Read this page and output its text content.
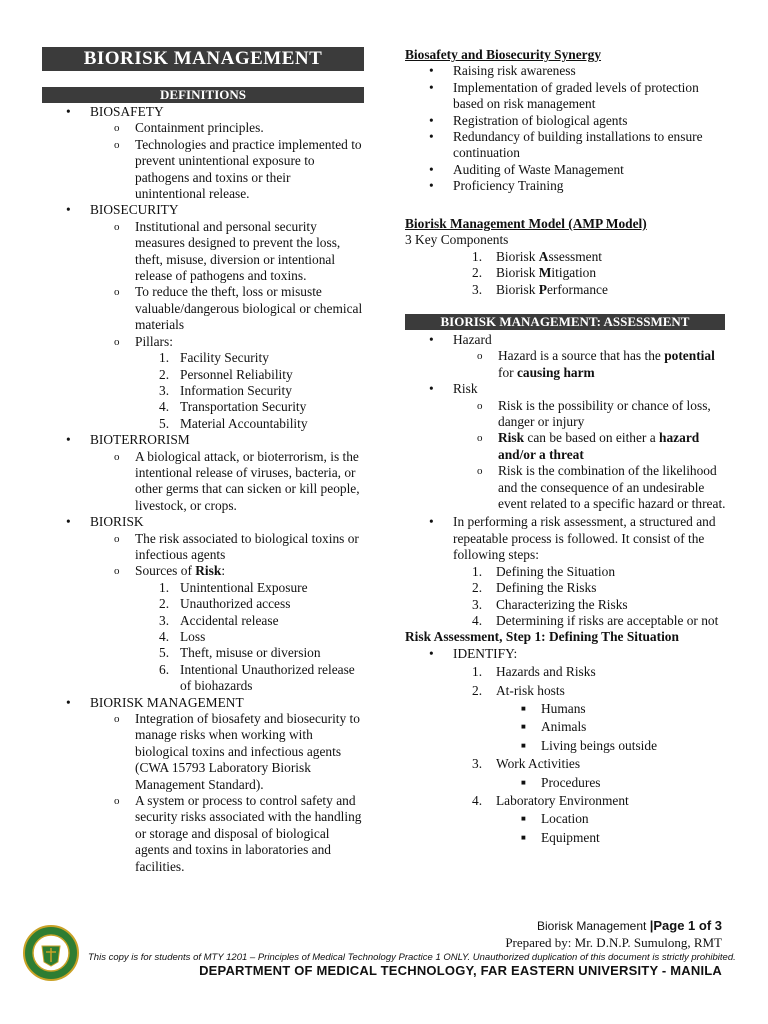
BIORISK MANAGEMENT
DEFINITIONS
• BIOSAFETY
o Containment principles.
o Technologies and practice implemented to prevent unintentional exposure to pathogens and toxins or their unintentional release.
• BIOSECURITY
o Institutional and personal security measures designed to prevent the loss, theft, misuse, diversion or intentional release of pathogens and toxins.
o To reduce the theft, loss or misuste valuable/dangerous biological or chemical materials
o Pillars:
1. Facility Security
2. Personnel Reliability
3. Information Security
4. Transportation Security
5. Material Accountability
• BIOTERRORISM
o A biological attack, or bioterrorism, is the intentional release of viruses, bacteria, or other germs that can sicken or kill people, livestock, or crops.
• BIORISK
o The risk associated to biological toxins or infectious agents
o Sources of Risk:
1. Unintentional Exposure
2. Unauthorized access
3. Accidental release
4. Loss
5. Theft, misuse or diversion
6. Intentional Unauthorized release of biohazards
• BIORISK MANAGEMENT
o Integration of biosafety and biosecurity to manage risks when working with biological toxins and infectious agents (CWA 15793 Laboratory Biorisk Management Standard).
o A system or process to control safety and security risks associated with the handling or storage and disposal of biological agents and toxins in laboratories and facilities.
Biosafety and Biosecurity Synergy
• Raising risk awareness
• Implementation of graded levels of protection based on risk management
• Registration of biological agents
• Redundancy of building installations to ensure continuation
• Auditing of Waste Management
• Proficiency Training
Biorisk Management Model (AMP Model)
3 Key Components
1. Biorisk Assessment
2. Biorisk Mitigation
3. Biorisk Performance
BIORISK MANAGEMENT: ASSESSMENT
• Hazard
o Hazard is a source that has the potential for causing harm
• Risk
o Risk is the possibility or chance of loss, danger or injury
o Risk can be based on either a hazard and/or a threat
o Risk is the combination of the likelihood and the consequence of an undesirable event related to a specific hazard or threat.
• In performing a risk assessment, a structured and repeatable process is followed. It consist of the following steps:
1. Defining the Situation
2. Defining the Risks
3. Characterizing the Risks
4. Determining if risks are acceptable or not
Risk Assessment, Step 1: Defining The Situation
• IDENTIFY:
1. Hazards and Risks
2. At-risk hosts
■ Humans
■ Animals
■ Living beings outside
3. Work Activities
■ Procedures
4. Laboratory Environment
■ Location
■ Equipment
Biorisk Management |Page 1 of 3
Prepared by: Mr. D.N.P. Sumulong, RMT
This copy is for students of MTY 1201 – Principles of Medical Technology Practice 1 ONLY. Unauthorized duplication of this document is strictly prohibited.
DEPARTMENT OF MEDICAL TECHNOLOGY, FAR EASTERN UNIVERSITY - MANILA
